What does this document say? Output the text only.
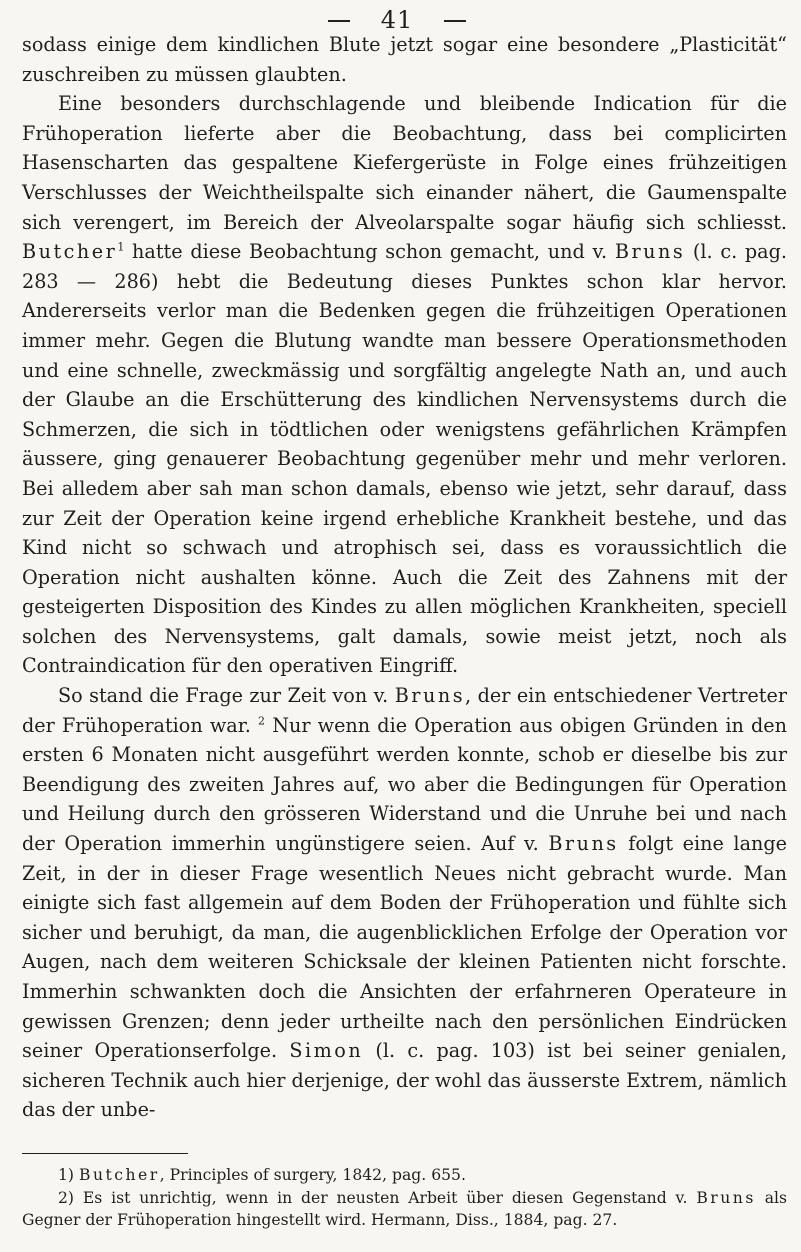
41

sodass einige dem kindlichen Blute jetzt sogar eine besondere „Plasticität“ zuschreiben zu müssen glaubten.

Eine besonders durchschlagende und bleibende Indication für die Frühoperation lieferte aber die Beobachtung, dass bei complicirten Hasenscharten das gespaltene Kiefergerüste in Folge eines frühzeitigen Verschlusses der Weichtheilspalte sich einander nähert, die Gaumenspalte sich verengert, im Bereich der Alveolarspalte sogar häufig sich schliesst. Butcher$^1$ hatte diese Beobachtung schon gemacht, und v. Bruns (l. c. pag. 283 — 286) hebt die Bedeutung dieses Punktes schon klar hervor. Andererseits verlor man die Bedenken gegen die frühzeitigen Operationen immer mehr. Gegen die Blutung wandte man bessere Operationsmethoden und eine schnelle, zweckmässig und sorgfältig angelegte Nath an, und auch der Glaube an die Erschütterung des kindlichen Nervensystems durch die Schmerzen, die sich in tödtlichen oder wenigstens gefährlichen Krämpfen äussere, ging genauerer Beobachtung gegenüber mehr und mehr verloren. Bei alledem aber sah man schon damals, ebenso wie jetzt, sehr darauf, dass zur Zeit der Operation keine irgend erhebliche Krankheit bestehe, und das Kind nicht so schwach und atrophisch sei, dass es voraussichtlich die Operation nicht aushalten könne. Auch die Zeit des Zahnens mit der gesteigerten Disposition des Kindes zu allen möglichen Krankheiten, speciell solchen des Nervensystems, galt damals, sowie meist jetzt, noch als Contraindication für den operativen Eingriff.

So stand die Frage zur Zeit von v. Bruns, der ein entschiedener Vertreter der Frühoperation war. $^2$ Nur wenn die Operation aus obigen Gründen in den ersten 6 Monaten nicht ausgeführt werden konnte, schob er dieselbe bis zur Beendigung des zweiten Jahres auf, wo aber die Bedingungen für Operation und Heilung durch den grösseren Widerstand und die Unruhe bei und nach der Operation immerhin ungünstigere seien. Auf v. Bruns folgt eine lange Zeit, in der in dieser Frage wesentlich Neues nicht gebracht wurde. Man einigte sich fast allgemein auf dem Boden der Frühoperation und fühlte sich sicher und beruhigt, da man, die augenblicklichen Erfolge der Operation vor Augen, nach dem weiteren Schicksale der kleinen Patienten nicht forschte. Immerhin schwankten doch die Ansichten der erfahrneren Operateure in gewissen Grenzen; denn jeder urtheilte nach den persönlichen Eindrücken seiner Operationserfolge. Simon (l. c. pag. 103) ist bei seiner genialen, sicheren Technik auch hier derjenige, der wohl das äusserste Extrem, nämlich das der unbe-

1) Butcher, Principles of surgery, 1842, pag. 655.

2) Es ist unrichtig, wenn in der neusten Arbeit über diesen Gegenstand v. Bruns als Gegner der Frühoperation hingestellt wird. Hermann, Diss., 1884, pag. 27.
